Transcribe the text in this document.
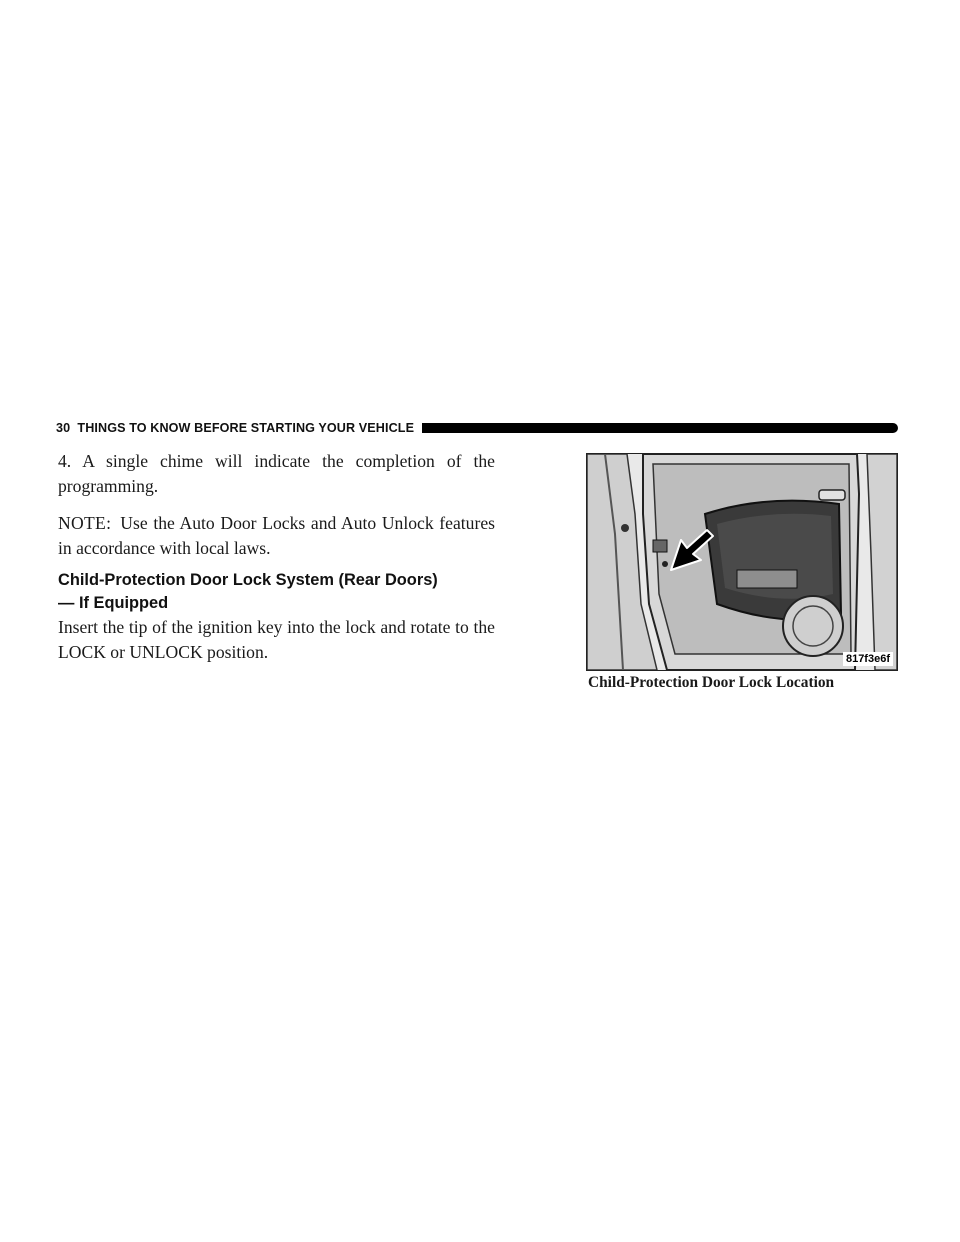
30 THINGS TO KNOW BEFORE STARTING YOUR VEHICLE

4. A single chime will indicate the completion of the programming.

NOTE: Use the Auto Door Locks and Auto Unlock features in accordance with local laws.

Child-Protection Door Lock System (Rear Doors)
— If Equipped

Insert the tip of the ignition key into the lock and rotate to the LOCK or UNLOCK position.	817f3e6f
Child-Protection Door Lock Location
